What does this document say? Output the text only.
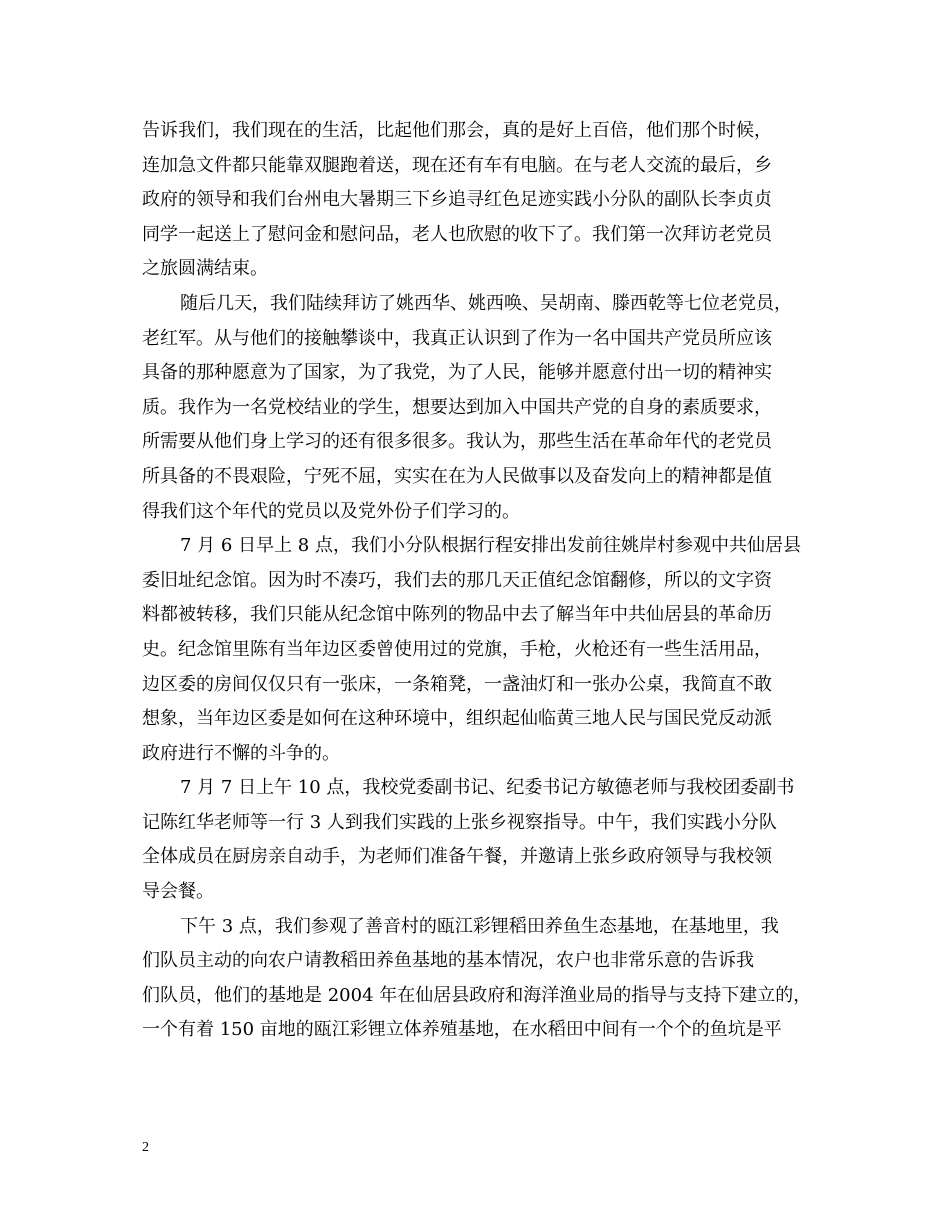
告诉我们，我们现在的生活，比起他们那会，真的是好上百倍，他们那个时候，
连加急文件都只能靠双腿跑着送，现在还有车有电脑。在与老人交流的最后，乡
政府的领导和我们台州电大暑期三下乡追寻红色足迹实践小分队的副队长李贞贞
同学一起送上了慰问金和慰问品，老人也欣慰的收下了。我们第一次拜访老党员
之旅圆满结束。
随后几天，我们陆续拜访了姚西华、姚西唤、吴胡南、滕西乾等七位老党员，
老红军。从与他们的接触攀谈中，我真正认识到了作为一名中国共产党员所应该
具备的那种愿意为了国家，为了我党，为了人民，能够并愿意付出一切的精神实
质。我作为一名党校结业的学生，想要达到加入中国共产党的自身的素质要求，
所需要从他们身上学习的还有很多很多。我认为，那些生活在革命年代的老党员
所具备的不畏艰险，宁死不屈，实实在在为人民做事以及奋发向上的精神都是值
得我们这个年代的党员以及党外份子们学习的。
7 月 6 日早上 8 点，我们小分队根据行程安排出发前往姚岸村参观中共仙居县
委旧址纪念馆。因为时不凑巧，我们去的那几天正值纪念馆翻修，所以的文字资
料都被转移，我们只能从纪念馆中陈列的物品中去了解当年中共仙居县的革命历
史。纪念馆里陈有当年边区委曾使用过的党旗，手枪，火枪还有一些生活用品，
边区委的房间仅仅只有一张床，一条箱凳，一盏油灯和一张办公桌，我简直不敢
想象，当年边区委是如何在这种环境中，组织起仙临黄三地人民与国民党反动派
政府进行不懈的斗争的。
7 月 7 日上午 10 点，我校党委副书记、纪委书记方敏德老师与我校团委副书
记陈红华老师等一行 3 人到我们实践的上张乡视察指导。中午，我们实践小分队
全体成员在厨房亲自动手，为老师们准备午餐，并邀请上张乡政府领导与我校领
导会餐。
下午 3 点，我们参观了善音村的瓯江彩锂稻田养鱼生态基地，在基地里，我
们队员主动的向农户请教稻田养鱼基地的基本情况，农户也非常乐意的告诉我
们队员，他们的基地是 2004 年在仙居县政府和海洋渔业局的指导与支持下建立的，
一个有着 150 亩地的瓯江彩锂立体养殖基地，在水稻田中间有一个个的鱼坑是平
2
